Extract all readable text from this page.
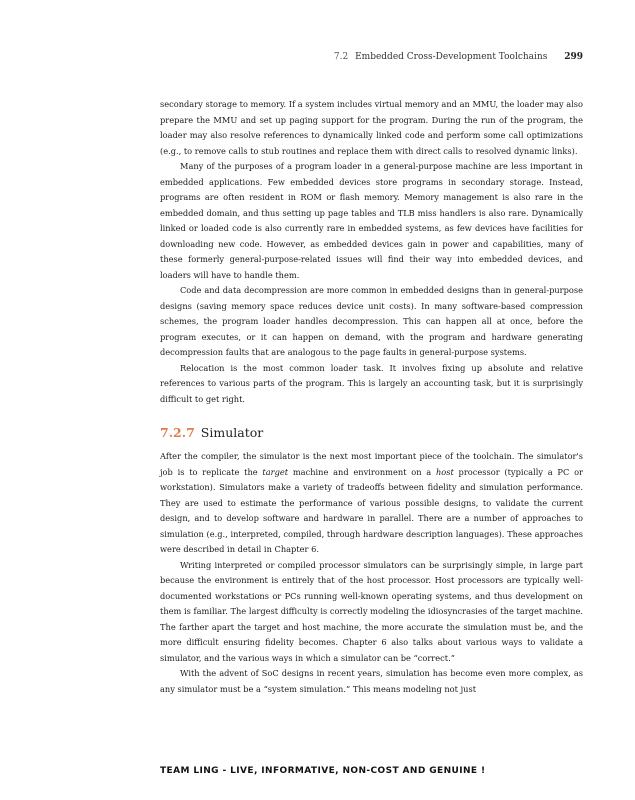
7.2 Embedded Cross-Development Toolchains 299

secondary storage to memory. If a system includes virtual memory and an MMU, the loader may also prepare the MMU and set up paging support for the program. During the run of the program, the loader may also resolve references to dynamically linked code and perform some call optimizations (e.g., to remove calls to stub routines and replace them with direct calls to resolved dynamic links).

Many of the purposes of a program loader in a general-purpose machine are less important in embedded applications. Few embedded devices store programs in secondary storage. Instead, programs are often resident in ROM or flash memory. Memory management is also rare in the embedded domain, and thus setting up page tables and TLB miss handlers is also rare. Dynamically linked or loaded code is also currently rare in embedded systems, as few devices have facilities for downloading new code. However, as embedded devices gain in power and capabilities, many of these formerly general-purpose-related issues will find their way into embedded devices, and loaders will have to handle them.

Code and data decompression are more common in embedded designs than in general-purpose designs (saving memory space reduces device unit costs). In many software-based compression schemes, the program loader handles decompression. This can happen all at once, before the program executes, or it can happen on demand, with the program and hardware generating decompression faults that are analogous to the page faults in general-purpose systems.

Relocation is the most common loader task. It involves fixing up absolute and relative references to various parts of the program. This is largely an accounting task, but it is surprisingly difficult to get right.

7.2.7 Simulator

After the compiler, the simulator is the next most important piece of the toolchain. The simulator's job is to replicate the target machine and environment on a host processor (typically a PC or workstation). Simulators make a variety of tradeoffs between fidelity and simulation performance. They are used to estimate the performance of various possible designs, to validate the current design, and to develop software and hardware in parallel. There are a number of approaches to simulation (e.g., interpreted, compiled, through hardware description languages). These approaches were described in detail in Chapter 6.

Writing interpreted or compiled processor simulators can be surprisingly simple, in large part because the environment is entirely that of the host processor. Host processors are typically well-documented workstations or PCs running well-known operating systems, and thus development on them is familiar. The largest difficulty is correctly modeling the idiosyncrasies of the target machine. The farther apart the target and host machine, the more accurate the simulation must be, and the more difficult ensuring fidelity becomes. Chapter 6 also talks about various ways to validate a simulator, and the various ways in which a simulator can be “correct.”

With the advent of SoC designs in recent years, simulation has become even more complex, as any simulator must be a “system simulation.” This means modeling not just

TEAM LING - LIVE, INFORMATIVE, NON-COST AND GENUINE !
